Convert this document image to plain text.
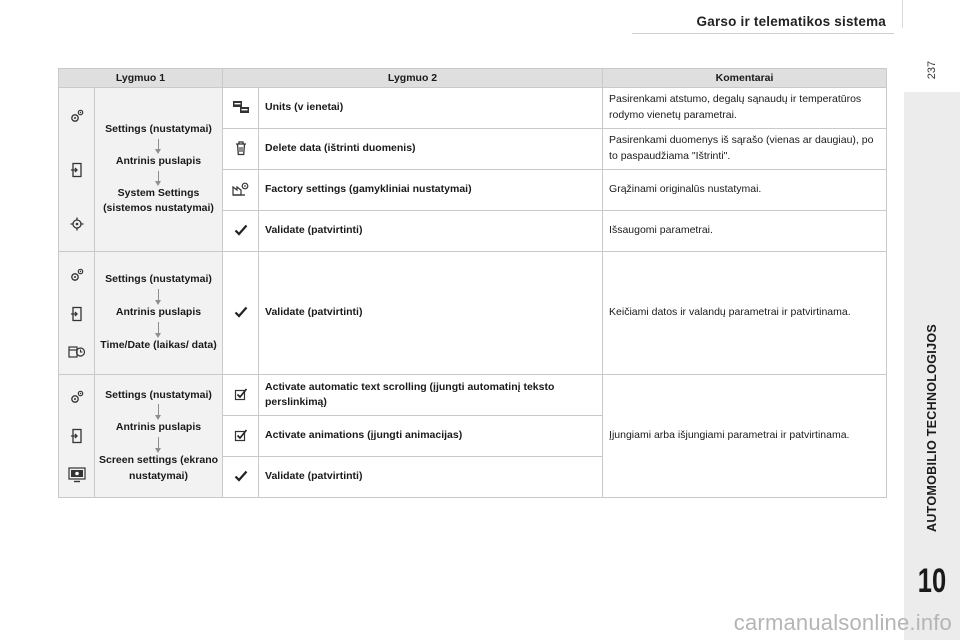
Garso ir telematikos sistema
237
AUTOMOBILIO TECHNOLOGIJOS
10
Lygmuo 1		Lygmuo 2		Komentarai

Settings (nustatymai)
Antrinis puslapis
System Settings (sistemos nustatymai)		Units (v ienetai)	Pasirenkami atstumo, degalų sąnaudų ir temperatūros rodymo vienetų parametrai.

	Delete data (ištrinti duomenis)	Pasirenkami duomenys iš sąrašo (vienas ar daugiau), po to paspaudžiama "Ištrinti".

	Factory settings (gamykliniai nustatymai)	Grąžinami originalūs nustatymai.

	Validate (patvirtinti)	Išsaugomi parametrai.

Settings (nustatymai)
Antrinis puslapis
Time/Date (laikas/ data)		Validate (patvirtinti)	Keičiami datos ir valandų parametrai ir patvirtinama.

Settings (nustatymai)
Antrinis puslapis
Screen settings (ekrano nustatymai)		Activate automatic text scrolling (įjungti automatinį teksto perslinkimą)	Įjungiami arba išjungiami parametrai ir patvirtinama.

	Activate animations (įjungti animacijas)	

	Validate (patvirtinti)	
carmanualsonline.info
